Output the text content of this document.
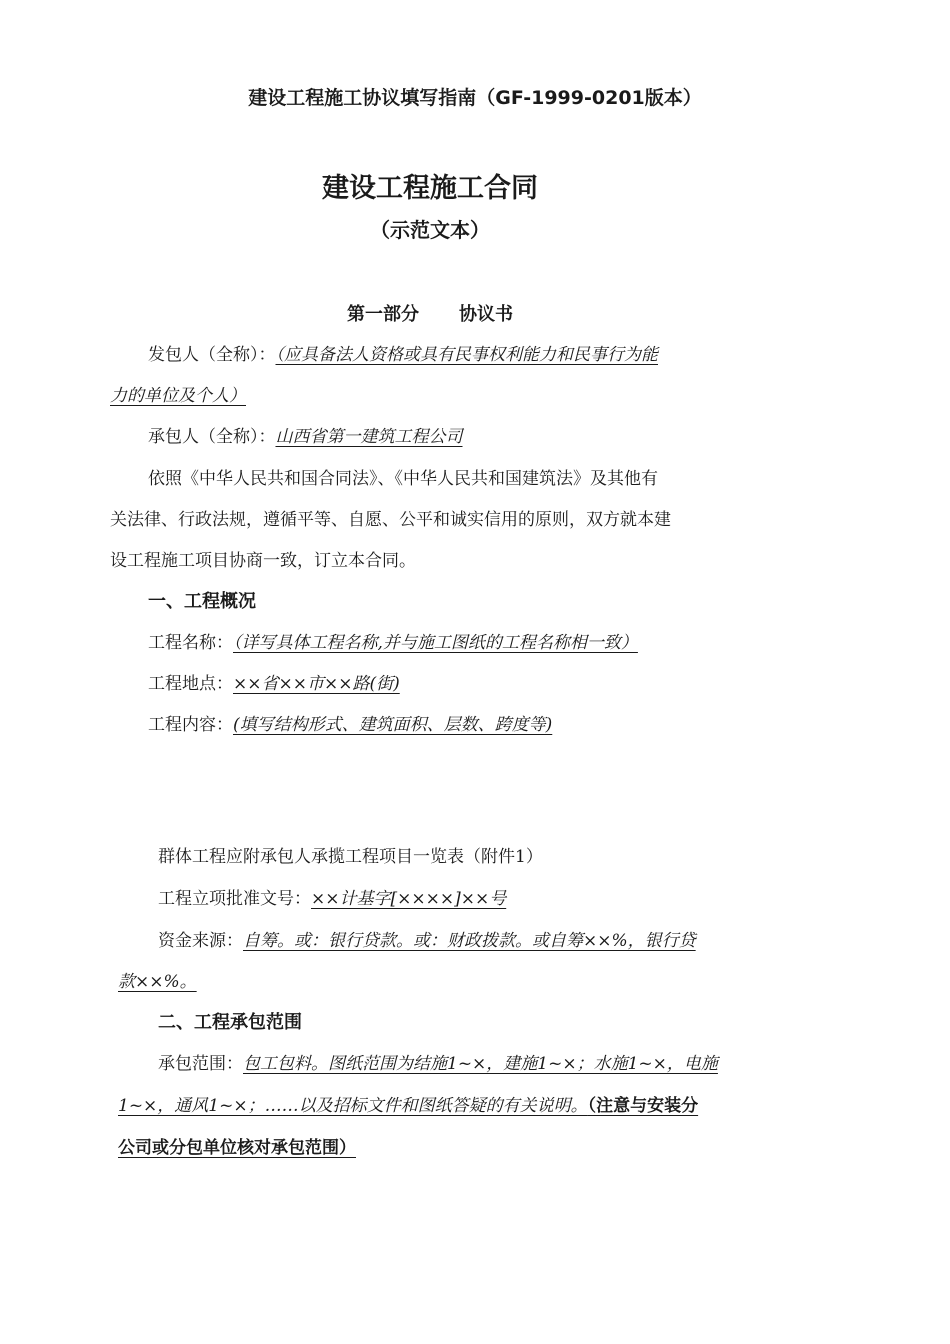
建设工程施工协议填写指南（GF-1999-0201版本）
建设工程施工合同
（示范文本）
第一部分 协议书
发包人（全称）：（应具备法人资格或具有民事权利能力和民事行为能
力的单位及个人）
承包人（全称）：山西省第一建筑工程公司
依照《中华人民共和国合同法》、《中华人民共和国建筑法》及其他有
关法律、行政法规，遵循平等、自愿、公平和诚实信用的原则，双方就本建
设工程施工项目协商一致，订立本合同。
一、工程概况
工程名称：（详写具体工程名称,并与施工图纸的工程名称相一致）
工程地点：××省××市××路(街)
工程内容：(填写结构形式、建筑面积、层数、跨度等)
群体工程应附承包人承揽工程项目一览表（附件1）
工程立项批准文号：××计基字[××××]××号
资金来源：自筹。或：银行贷款。或：财政拨款。或自筹××%，银行贷
款××%。
二、工程承包范围
承包范围：包工包料。图纸范围为结施1~×，建施1~×；水施1~×，电施
1~×，通风1~×；……以及招标文件和图纸答疑的有关说明。（注意与安装分
公司或分包单位核对承包范围）
